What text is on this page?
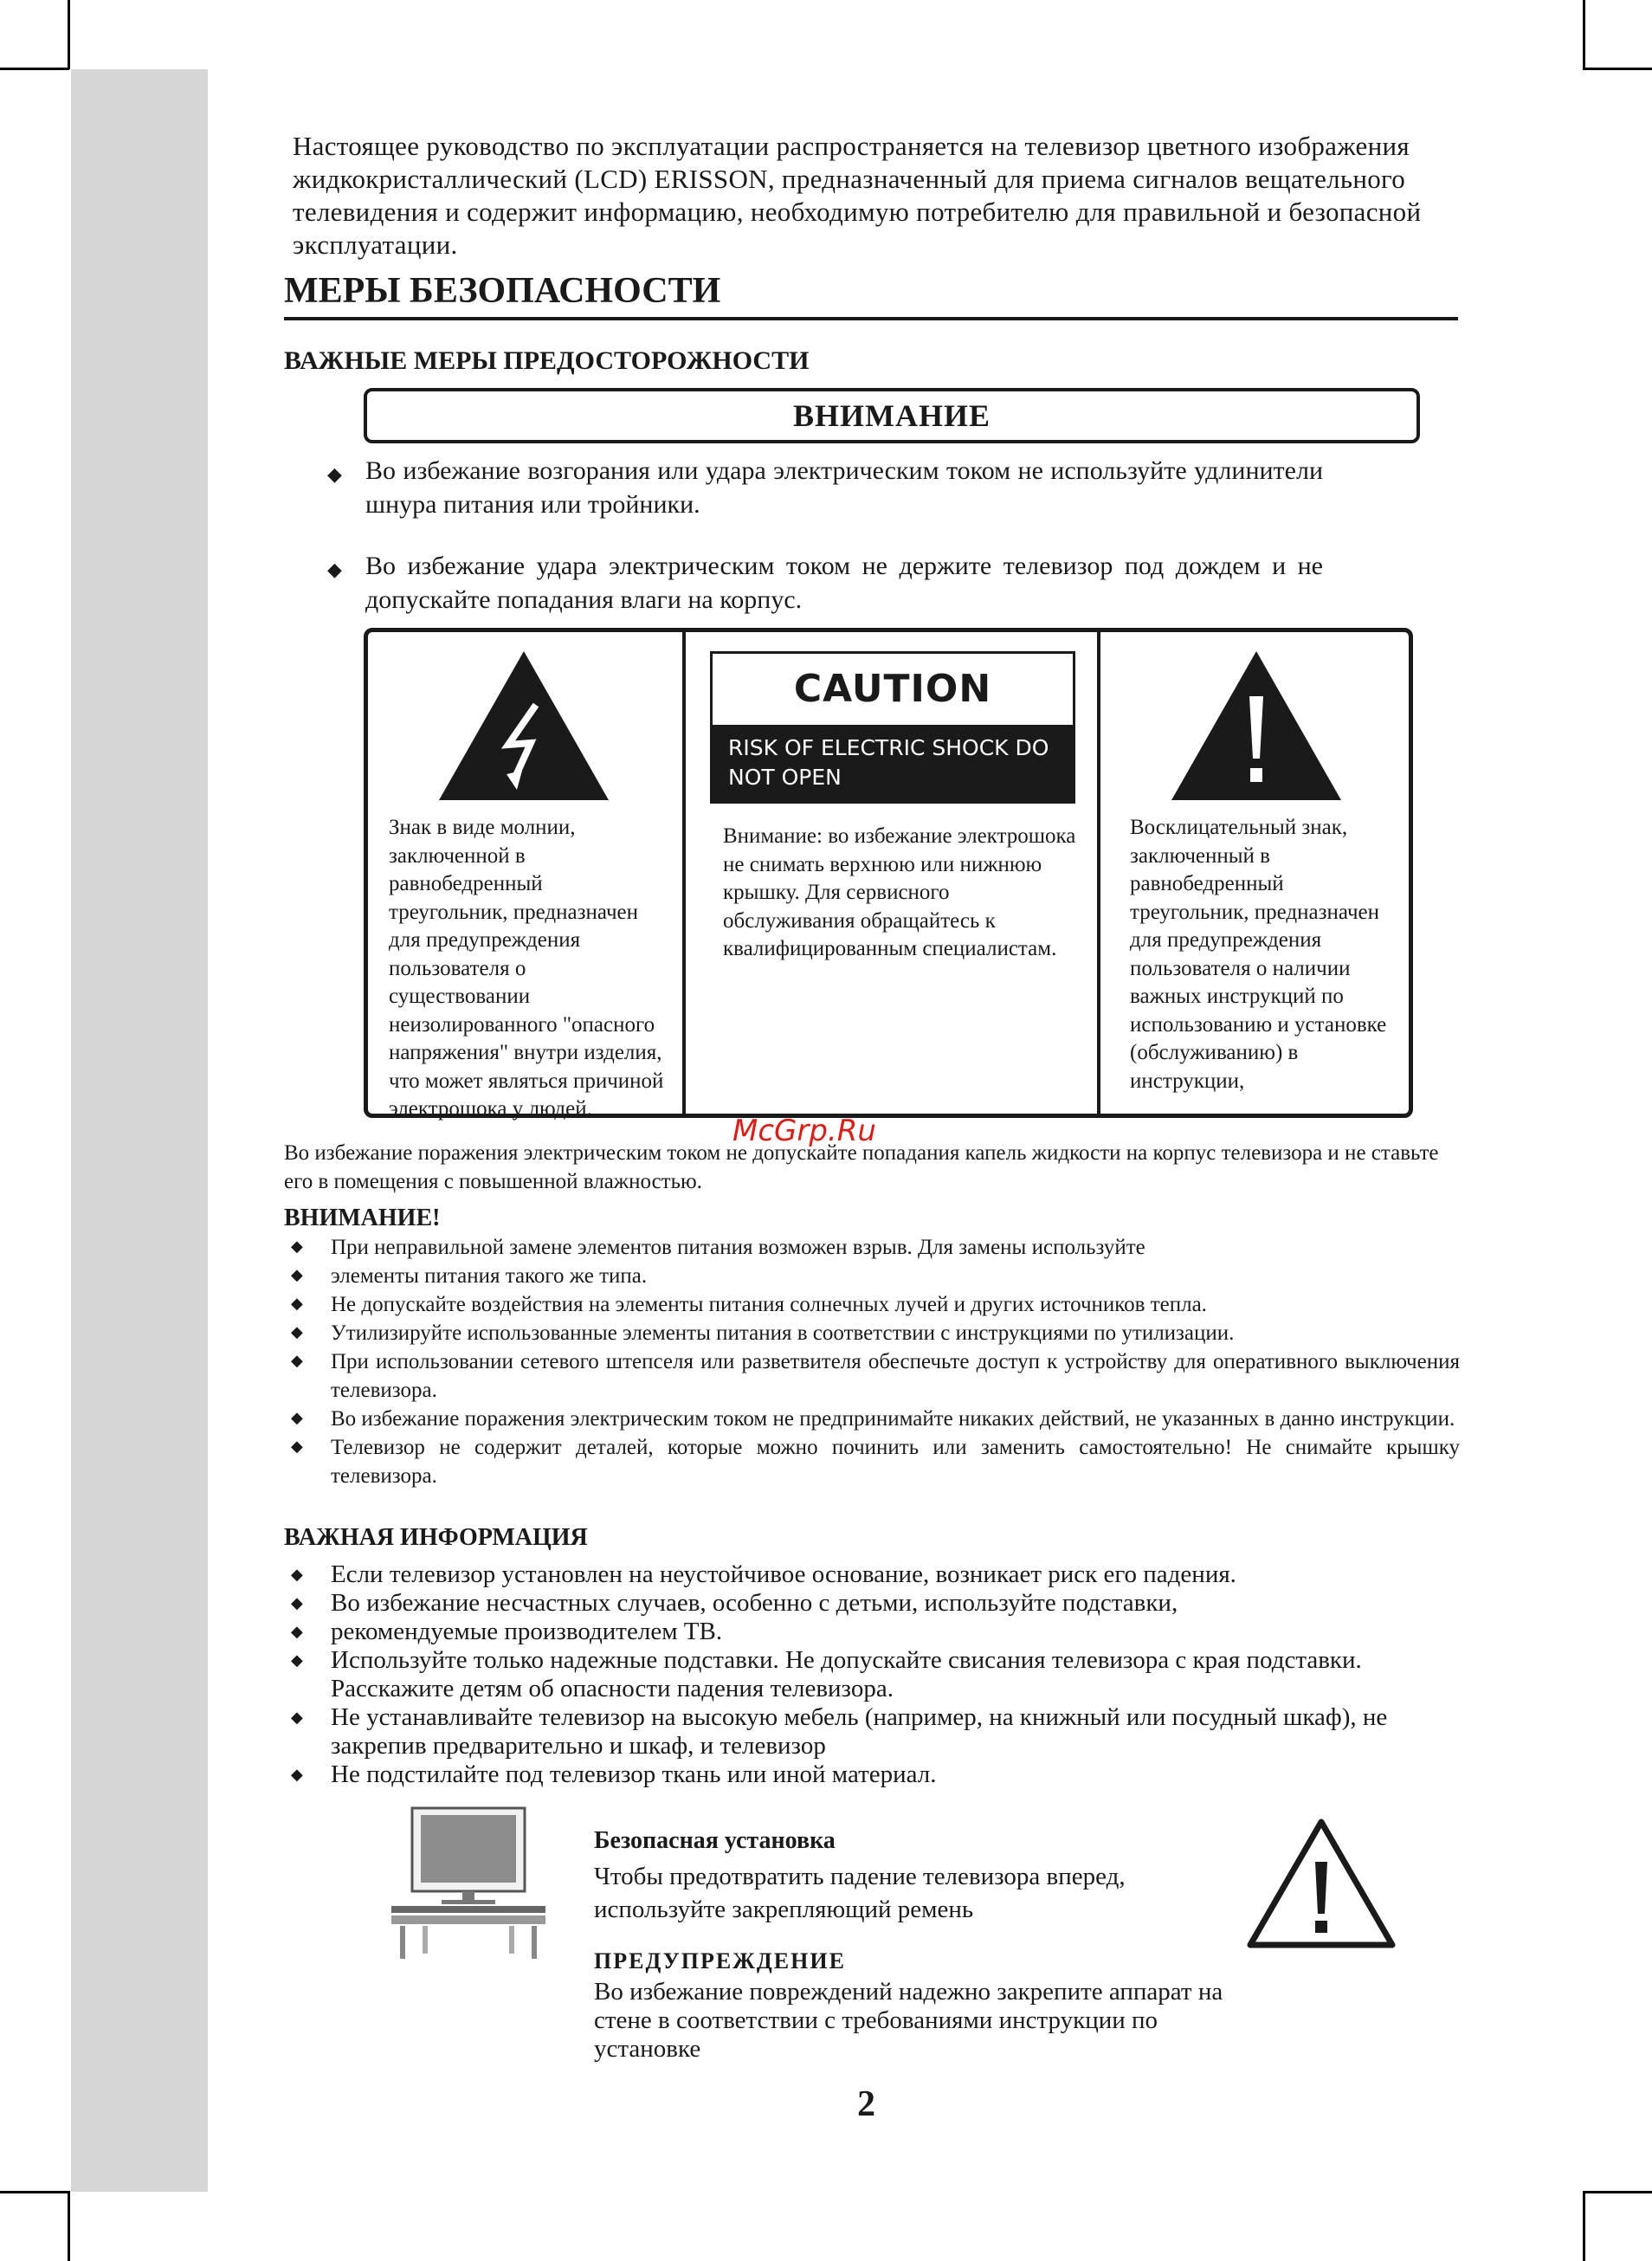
Настоящее руководство по эксплуатации распространяется на телевизор цветного изображения жидкокристаллический (LCD) ERISSON, предназначенный для приема сигналов вещательного телевидения и содержит информацию, необходимую потребителю для правильной и безопасной эксплуатации.
МЕРЫ БЕЗОПАСНОСТИ
ВАЖНЫЕ МЕРЫ ПРЕДОСТОРОЖНОСТИ
ВНИМАНИЕ
◆ Во избежание возгорания или удара электрическим током не используйте удлинители шнура питания или тройники.
◆ Во избежание удара электрическим током не держите телевизор под дождем и не допускайте попадания влаги на корпус.
Знак в виде молнии, заключенной в равнобедренный треугольник, предназначен для предупреждения пользователя о существовании неизолированного "опасного напряжения" внутри изделия, что может являться причиной электрошока у людей.
CAUTION
RISK OF ELECTRIC SHOCK DO NOT OPEN
Внимание: во избежание электрошока не снимать верхнюю или нижнюю крышку. Для сервисного обслуживания обращайтесь к квалифицированным специалистам.
Восклицательный знак, заключенный в равнобедренный треугольник, предназначен для предупреждения пользователя о наличии важных инструкций по использованию и установке (обслуживанию) в инструкции,
McGrp.Ru
Во избежание поражения электрическим током не допускайте попадания капель жидкости на корпус телевизора и не ставьте его в помещения с повышенной влажностью.
ВНИМАНИЕ!
◆ При неправильной замене элементов питания возможен взрыв. Для замены используйте
◆ элементы питания такого же типа.
◆ Не допускайте воздействия на элементы питания солнечных лучей и других источников тепла.
◆ Утилизируйте использованные элементы питания в соответствии с инструкциями по утилизации.
◆ При использовании сетевого штепселя или разветвителя обеспечьте доступ к устройству для оперативного выключения телевизора.
◆ Во избежание поражения электрическим током не предпринимайте никаких действий, не указанных в данно инструкции.
◆ Телевизор не содержит деталей, которые можно починить или заменить самостоятельно! Не снимайте крышку телевизора.
ВАЖНАЯ ИНФОРМАЦИЯ
◆ Если телевизор установлен на неустойчивое основание, возникает риск его падения.
◆ Во избежание несчастных случаев, особенно с детьми, используйте подставки,
◆ рекомендуемые производителем ТВ.
◆ Используйте только надежные подставки. Не допускайте свисания телевизора с края подставки. Расскажите детям об опасности падения телевизора.
◆ Не устанавливайте телевизор на высокую мебель (например, на книжный или посудный шкаф), не закрепив предварительно и шкаф, и телевизор
◆ Не подстилайте под телевизор ткань или иной материал.
Безопасная установка
Чтобы предотвратить падение телевизора вперед, используйте закрепляющий ремень
ПРЕДУПРЕЖДЕНИЕ
Во избежание повреждений надежно закрепите аппарат на стене в соответствии с требованиями инструкции по установке
2
